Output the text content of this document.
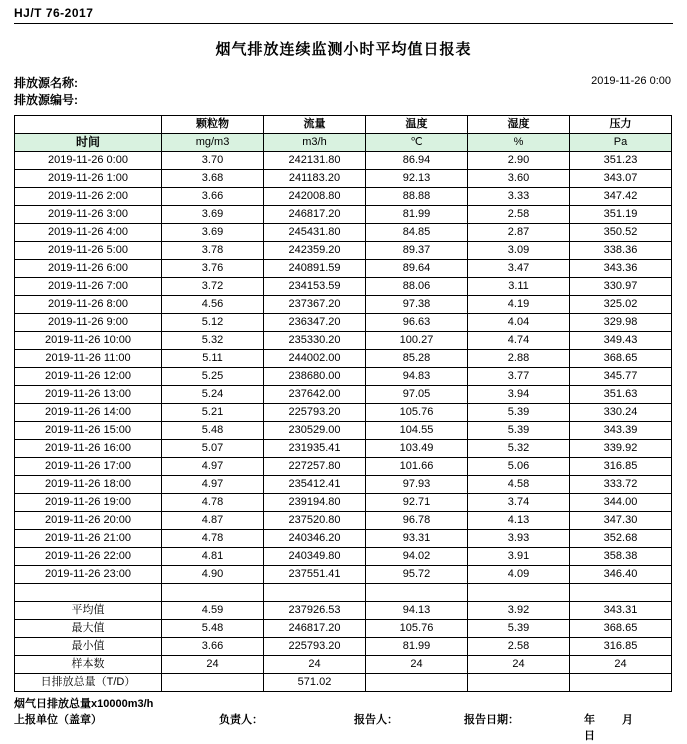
HJ/T 76-2017
烟气排放连续监测小时平均值日报表
排放源名称:
排放源编号:
2019-11-26 0:00
	颗粒物	流量	温度	湿度	压力
时间	mg/m3	m3/h	℃	%	Pa
2019-11-26 0:00	3.70	242131.80	86.94	2.90	351.23
2019-11-26 1:00	3.68	241183.20	92.13	3.60	343.07
2019-11-26 2:00	3.66	242008.80	88.88	3.33	347.42
2019-11-26 3:00	3.69	246817.20	81.99	2.58	351.19
2019-11-26 4:00	3.69	245431.80	84.85	2.87	350.52
2019-11-26 5:00	3.78	242359.20	89.37	3.09	338.36
2019-11-26 6:00	3.76	240891.59	89.64	3.47	343.36
2019-11-26 7:00	3.72	234153.59	88.06	3.11	330.97
2019-11-26 8:00	4.56	237367.20	97.38	4.19	325.02
2019-11-26 9:00	5.12	236347.20	96.63	4.04	329.98
2019-11-26 10:00	5.32	235330.20	100.27	4.74	349.43
2019-11-26 11:00	5.11	244002.00	85.28	2.88	368.65
2019-11-26 12:00	5.25	238680.00	94.83	3.77	345.77
2019-11-26 13:00	5.24	237642.00	97.05	3.94	351.63
2019-11-26 14:00	5.21	225793.20	105.76	5.39	330.24
2019-11-26 15:00	5.48	230529.00	104.55	5.39	343.39
2019-11-26 16:00	5.07	231935.41	103.49	5.32	339.92
2019-11-26 17:00	4.97	227257.80	101.66	5.06	316.85
2019-11-26 18:00	4.97	235412.41	97.93	4.58	333.72
2019-11-26 19:00	4.78	239194.80	92.71	3.74	344.00
2019-11-26 20:00	4.87	237520.80	96.78	4.13	347.30
2019-11-26 21:00	4.78	240346.20	93.31	3.93	352.68
2019-11-26 22:00	4.81	240349.80	94.02	3.91	358.38
2019-11-26 23:00	4.90	237551.41	95.72	4.09	346.40

平均值	4.59	237926.53	94.13	3.92	343.31
最大值	5.48	246817.20	105.76	5.39	368.65
最小值	3.66	225793.20	81.99	2.58	316.85
样本数	24	24	24	24	24
日排放总量（T/D）		571.02			
烟气日排放总量x10000m3/h
上报单位（盖章）	负责人：	报告人：	报告日期：	年 月 日
